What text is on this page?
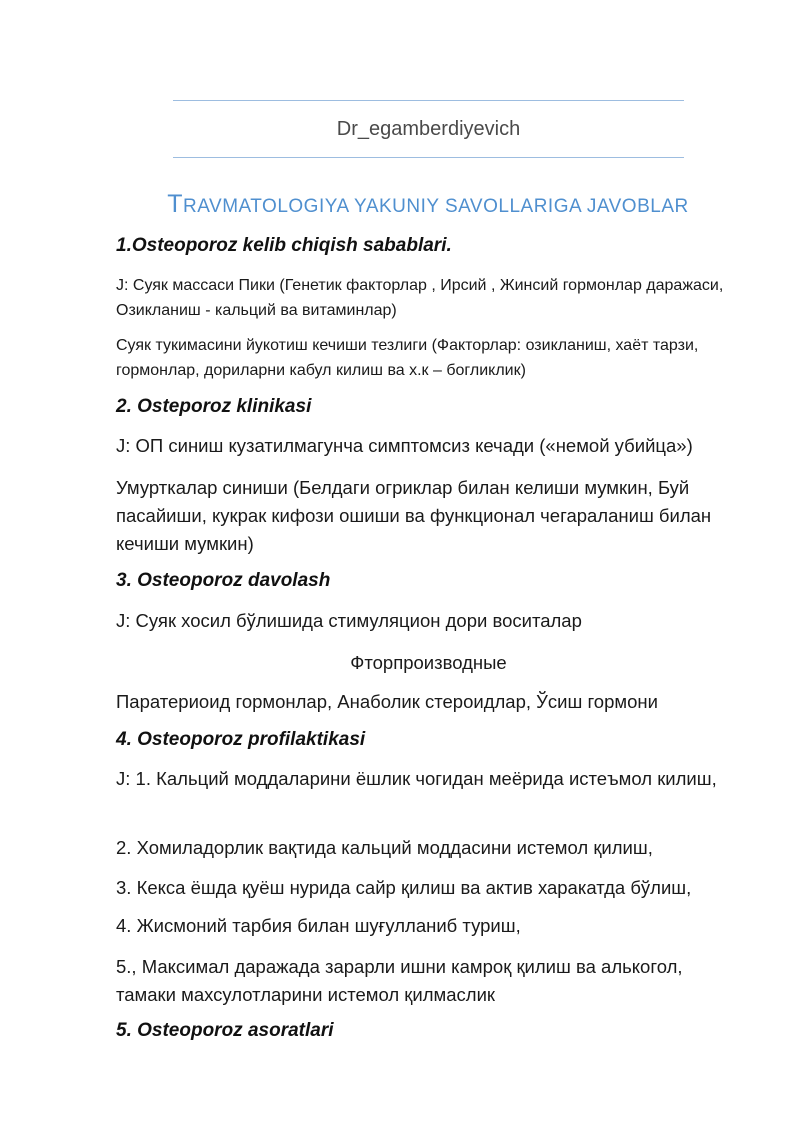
Dr_egamberdiyevich
TRAVMATOLOGIYA YAKUNIY SAVOLLARIGA JAVOBLAR
1.Osteoporoz kelib chiqish sabablari.
J: Суяк массаси Пики (Генетик факторлар , Ирсий , Жинсий гормонлар даражаси, Озикланиш - кальций ва витаминлар)
Суяк тукимасини йукотиш кечиши тезлиги (Факторлар: озикланиш, хаёт тарзи, гормонлар, дориларни кабул килиш ва х.к – богликлик)
2. Osteporoz klinikasi
J: ОП синиш кузатилмагунча симптомсиз кечади («немой убийца»)
Умурткалар синиши (Белдаги огриклар билан келиши мумкин, Буй пасайиши, кукрак кифози ошиши ва функционал чегараланиш билан кечиши мумкин)
3. Osteoporoz davolash
J: Суяк хосил бўлишида стимуляцион дори воситалар
Фторпроизводные
Паратериоид гормонлар, Анаболик стероидлар, Ўсиш гормони
4. Osteoporoz profilaktikasi
J: 1. Кальций моддаларини ёшлик чогидан меёрида истеъмол килиш,
2. Хомиладорлик вақтида кальций моддасини истемол қилиш,
3. Кекса ёшда қуёш нурида сайр қилиш ва актив харакатда бўлиш,
4. Жисмоний тарбия билан шуғулланиб туриш,
5., Максимал даражада зарарли ишни камроқ қилиш ва алькогол, тамаки махсулотларини истемол қилмаслик
5. Osteoporoz asoratlari
